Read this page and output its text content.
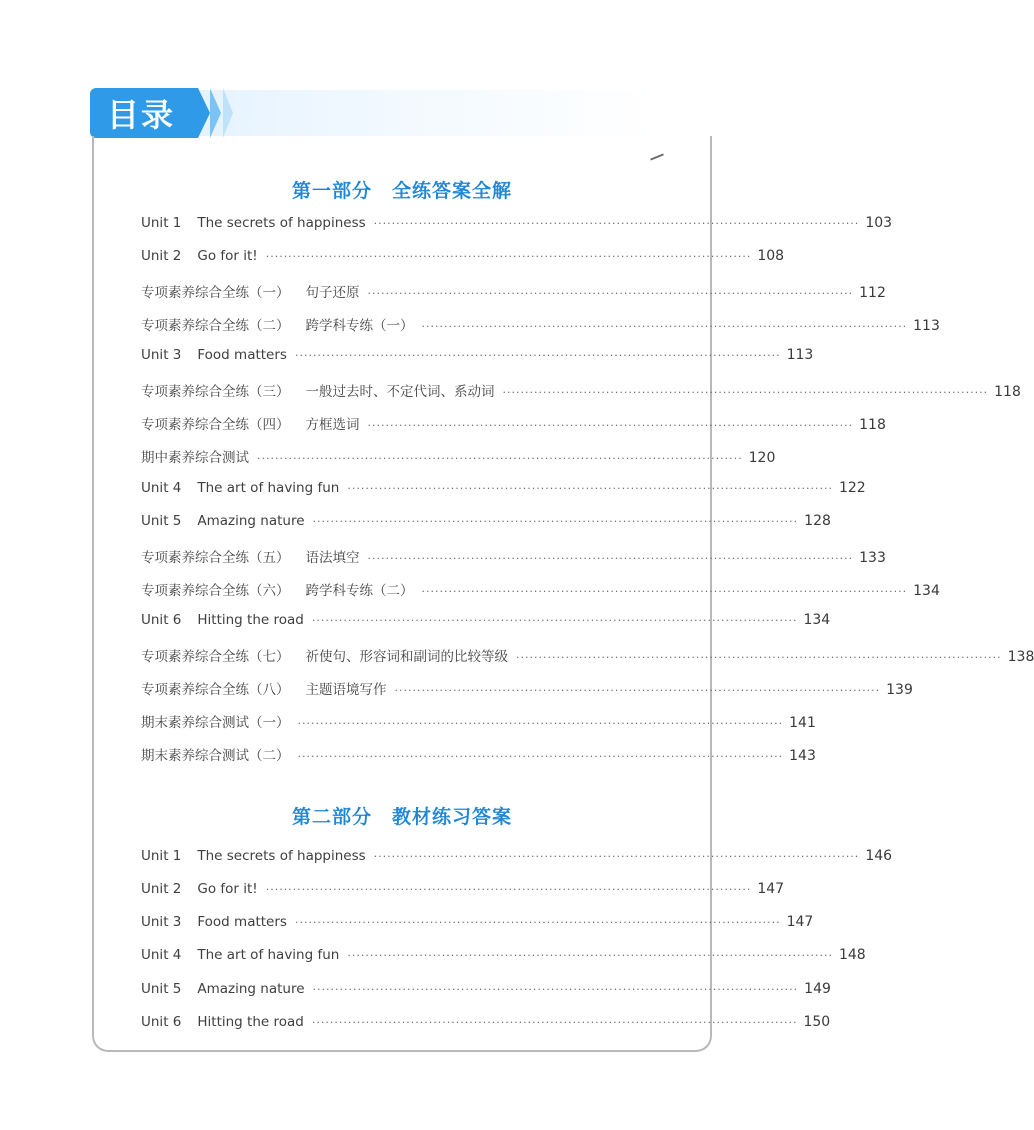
目录
第一部分　全练答案全解
Unit 1 The secrets of happiness ············································································································ 103
Unit 2 Go for it! ············································································································ 108
专项素养综合全练（一） 句子还原 ············································································································ 112
专项素养综合全练（二） 跨学科专练（一） ············································································································ 113
Unit 3 Food matters ············································································································ 113
专项素养综合全练（三） 一般过去时、不定代词、系动词 ············································································································ 118
专项素养综合全练（四） 方框选词 ············································································································ 118
期中素养综合测试 ············································································································ 120
Unit 4 The art of having fun ············································································································ 122
Unit 5 Amazing nature ············································································································ 128
专项素养综合全练（五） 语法填空 ············································································································ 133
专项素养综合全练（六） 跨学科专练（二） ············································································································ 134
Unit 6 Hitting the road ············································································································ 134
专项素养综合全练（七） 祈使句、形容词和副词的比较等级 ············································································································ 138
专项素养综合全练（八） 主题语境写作 ············································································································ 139
期末素养综合测试（一） ············································································································ 141
期末素养综合测试（二） ············································································································ 143
第二部分　教材练习答案
Unit 1 The secrets of happiness ············································································································ 146
Unit 2 Go for it! ············································································································ 147
Unit 3 Food matters ············································································································ 147
Unit 4 The art of having fun ············································································································ 148
Unit 5 Amazing nature ············································································································ 149
Unit 6 Hitting the road ············································································································ 150
